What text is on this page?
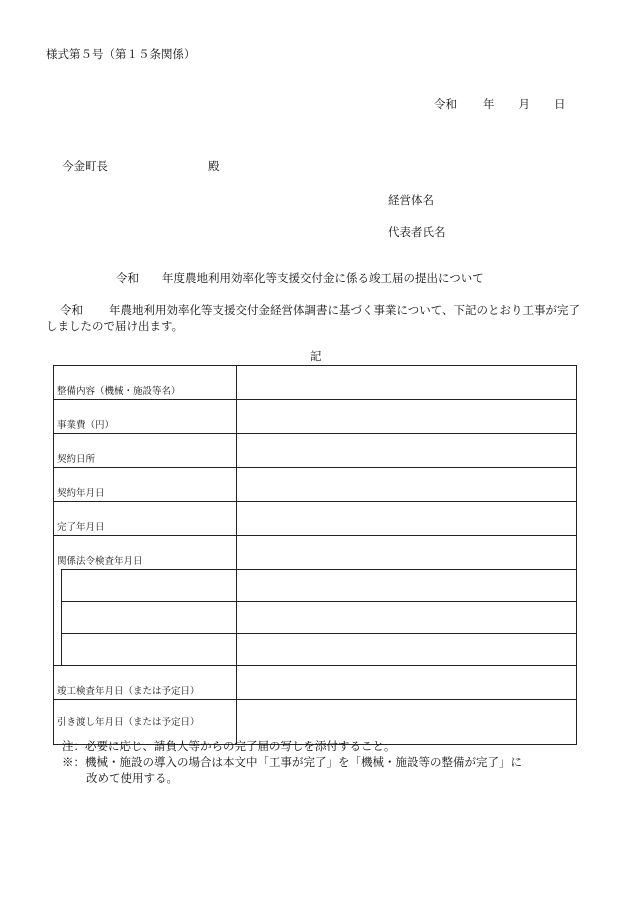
様式第５号（第１５条関係）
令和 年 月 日
今金町長	殿
経営体名
代表者氏名
令和　　年度農地利用効率化等支援交付金に係る竣工届の提出について
令和 年農地利用効率化等支援交付金経営体調書に基づく事業について、下記のとおり工事が完了しましたので届け出ます。
記
整備内容（機械・施設等名）		
事業費（円）		
契約日所		
契約年月日		
完了年月日		
関係法令検査年月日		

竣工検査年月日（または予定日）		
引き渡し年月日（または予定日）		
注：必要に応じ、請負人等からの完了届の写しを添付すること。
※：機械・施設の導入の場合は本文中「工事が完了」を「機械・施設等の整備が完了」に
改めて使用する。
